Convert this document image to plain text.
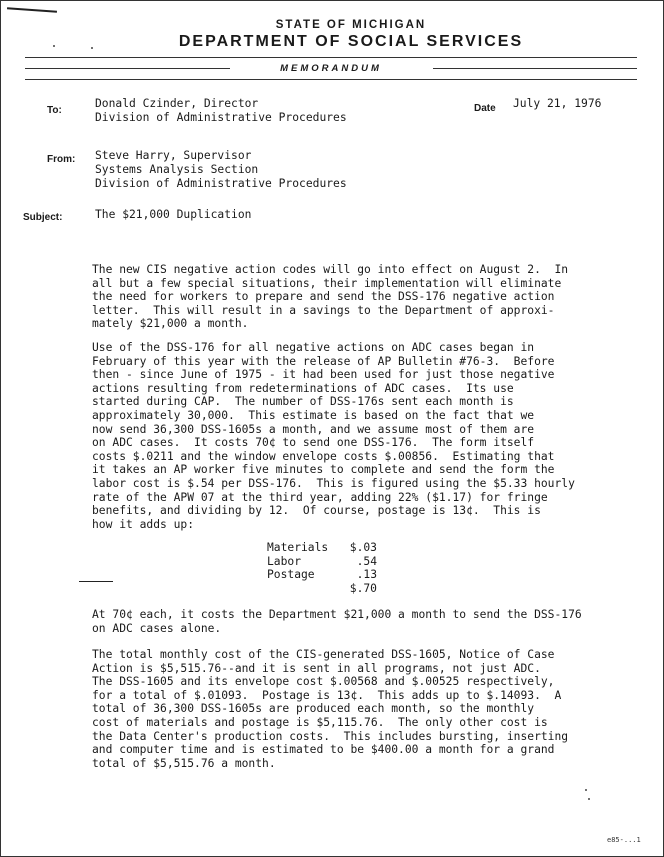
STATE OF MICHIGAN
DEPARTMENT OF SOCIAL SERVICES
MEMORANDUM
To:
Donald Czinder, Director
Division of Administrative Procedures
Date July 21, 1976
From: Steve Harry, Supervisor
Systems Analysis Section
Division of Administrative Procedures
Subject:	The $21,000 Duplication
The new CIS negative action codes will go into effect on August 2.  In
all but a few special situations, their implementation will eliminate
the need for workers to prepare and send the DSS-176 negative action
letter.  This will result in a savings to the Department of approxi-
mately $21,000 a month.
Use of the DSS-176 for all negative actions on ADC cases began in
February of this year with the release of AP Bulletin #76-3.  Before
then - since June of 1975 - it had been used for just those negative
actions resulting from redeterminations of ADC cases.  Its use
started during CAP.  The number of DSS-176s sent each month is
approximately 30,000.  This estimate is based on the fact that we
now send 36,300 DSS-1605s a month, and we assume most of them are
on ADC cases.  It costs 70¢ to send one DSS-176.  The form itself
costs $.0211 and the window envelope costs $.00856.  Estimating that
it takes an AP worker five minutes to complete and send the form the
labor cost is $.54 per DSS-176.  This is figured using the $5.33 hourly
rate of the APW 07 at the third year, adding 22% ($1.17) for fringe
benefits, and dividing by 12.  Of course, postage is 13¢.  This is
how it adds up:
Materials	$.03
Labor	.54
Postage	.13
$.70
At 70¢ each, it costs the Department $21,000 a month to send the DSS-176
on ADC cases alone.
The total monthly cost of the CIS-generated DSS-1605, Notice of Case
Action is $5,515.76--and it is sent in all programs, not just ADC.
The DSS-1605 and its envelope cost $.00568 and $.00525 respectively,
for a total of $.01093.  Postage is 13¢.  This adds up to $.14093.  A
total of 36,300 DSS-1605s are produced each month, so the monthly
cost of materials and postage is $5,115.76.  The only other cost is
the Data Center's production costs.  This includes bursting, inserting
and computer time and is estimated to be $400.00 a month for a grand
total of $5,515.76 a month.
e85-...1
